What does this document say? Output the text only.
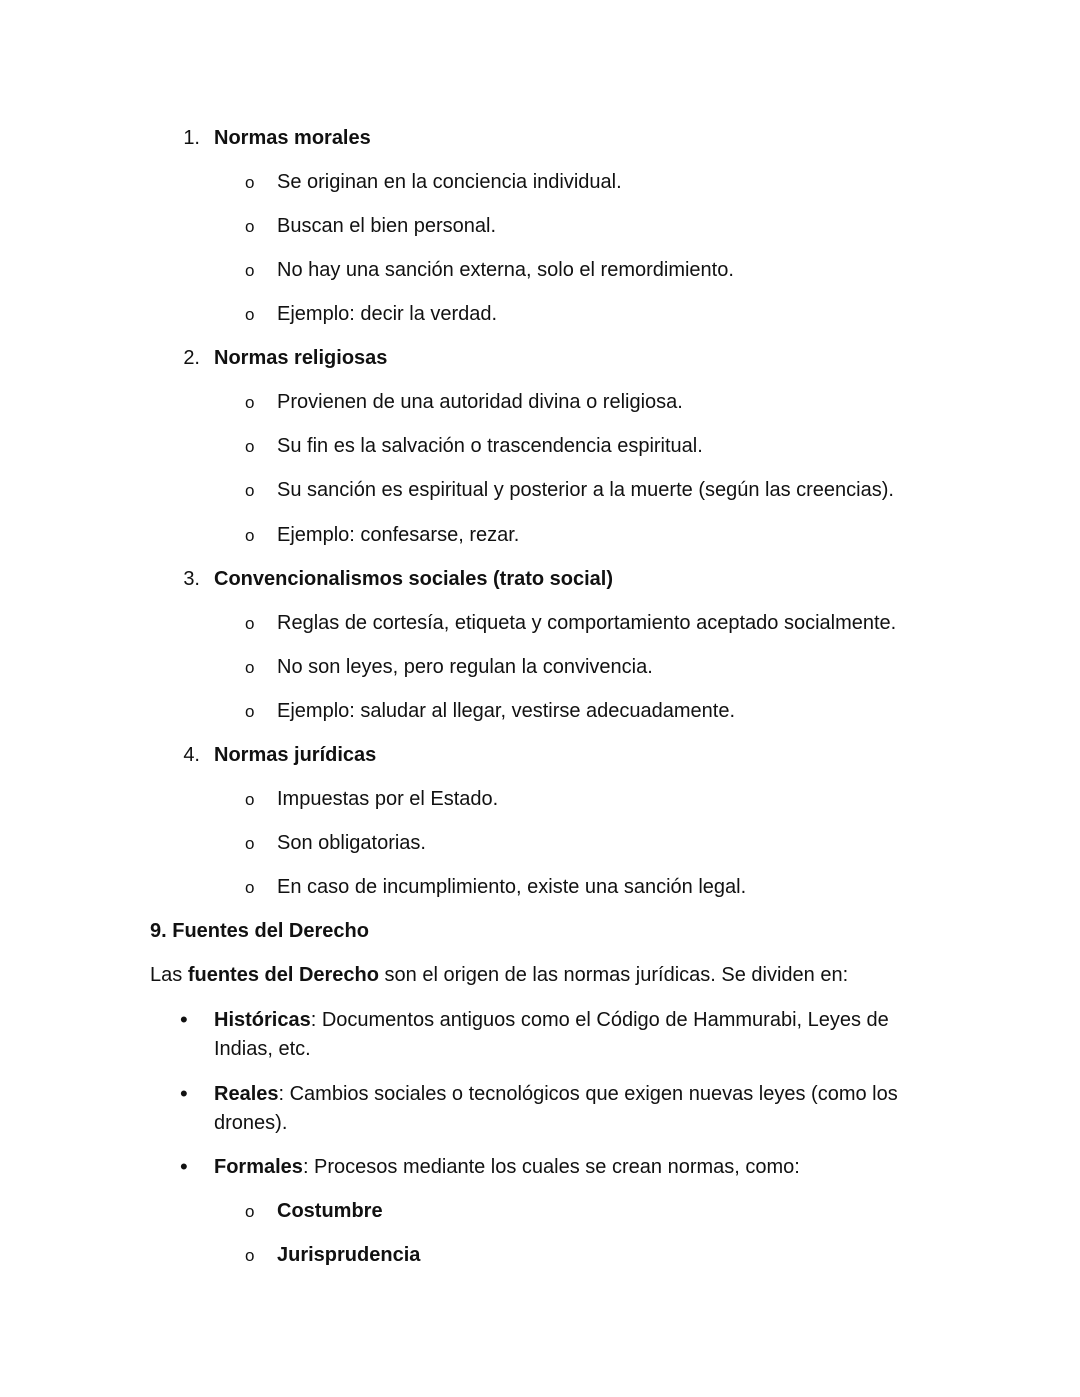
1. Normas morales
o Se originan en la conciencia individual.
o Buscan el bien personal.
o No hay una sanción externa, solo el remordimiento.
o Ejemplo: decir la verdad.
2. Normas religiosas
o Provienen de una autoridad divina o religiosa.
o Su fin es la salvación o trascendencia espiritual.
o Su sanción es espiritual y posterior a la muerte (según las creencias).
o Ejemplo: confesarse, rezar.
3. Convencionalismos sociales (trato social)
o Reglas de cortesía, etiqueta y comportamiento aceptado socialmente.
o No son leyes, pero regulan la convivencia.
o Ejemplo: saludar al llegar, vestirse adecuadamente.
4. Normas jurídicas
o Impuestas por el Estado.
o Son obligatorias.
o En caso de incumplimiento, existe una sanción legal.
9. Fuentes del Derecho
Las fuentes del Derecho son el origen de las normas jurídicas. Se dividen en:
• Históricas: Documentos antiguos como el Código de Hammurabi, Leyes de
Indias, etc.
• Reales: Cambios sociales o tecnológicos que exigen nuevas leyes (como los
drones).
• Formales: Procesos mediante los cuales se crean normas, como:
o Costumbre
o Jurisprudencia
